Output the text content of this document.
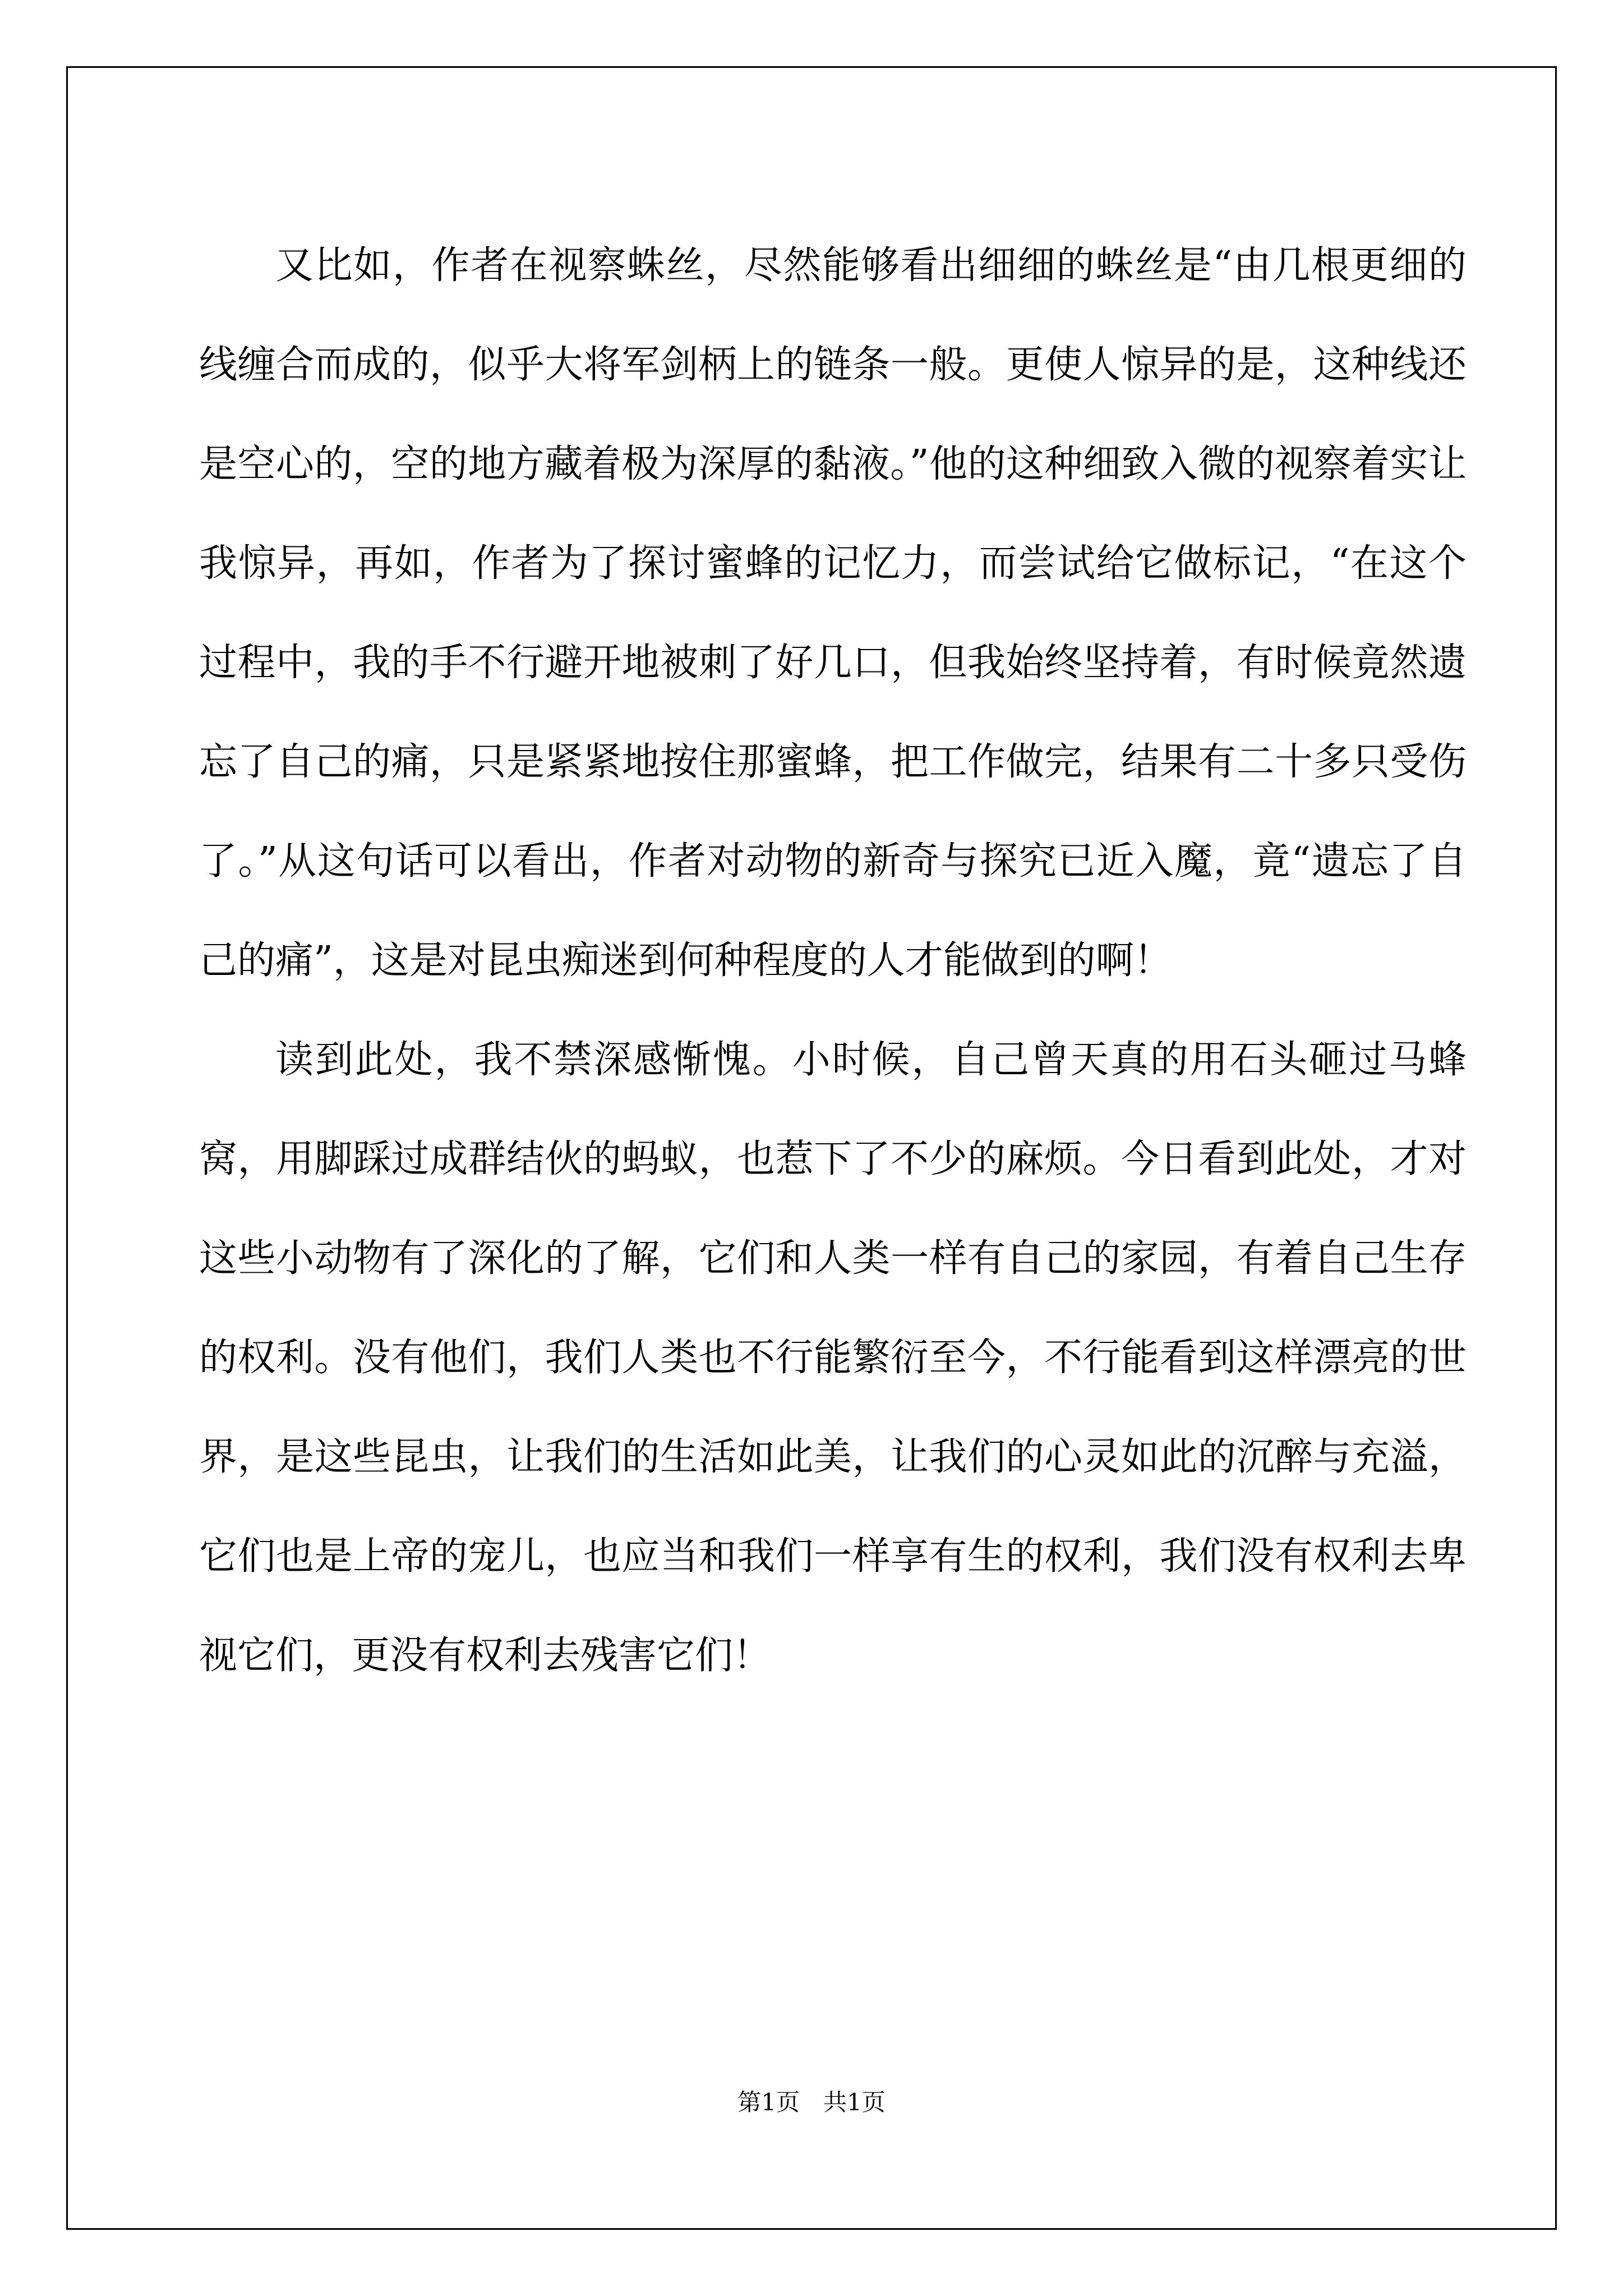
又比如，作者在视察蛛丝，尽然能够看出细细的蛛丝是“由几根更细的线缠合而成的，似乎大将军剑柄上的链条一般。更使人惊异的是，这种线还是空心的，空的地方藏着极为深厚的黏液。”他的这种细致入微的视察着实让我惊异，再如，作者为了探讨蜜蜂的记忆力，而尝试给它做标记，“在这个过程中，我的手不行避开地被刺了好几口，但我始终坚持着，有时候竟然遗忘了自己的痛，只是紧紧地按住那蜜蜂，把工作做完，结果有二十多只受伤了。”从这句话可以看出，作者对动物的新奇与探究已近入魔，竟“遗忘了自己的痛”，这是对昆虫痴迷到何种程度的人才能做到的啊！

读到此处，我不禁深感惭愧。小时候，自己曾天真的用石头砸过马蜂窝，用脚踩过成群结伙的蚂蚁，也惹下了不少的麻烦。今日看到此处，才对这些小动物有了深化的了解，它们和人类一样有自己的家园，有着自己生存的权利。没有他们，我们人类也不行能繁衍至今，不行能看到这样漂亮的世界，是这些昆虫，让我们的生活如此美，让我们的心灵如此的沉醉与充溢，它们也是上帝的宠儿，也应当和我们一样享有生的权利，我们没有权利去卑视它们，更没有权利去残害它们！

第1页　共1页
